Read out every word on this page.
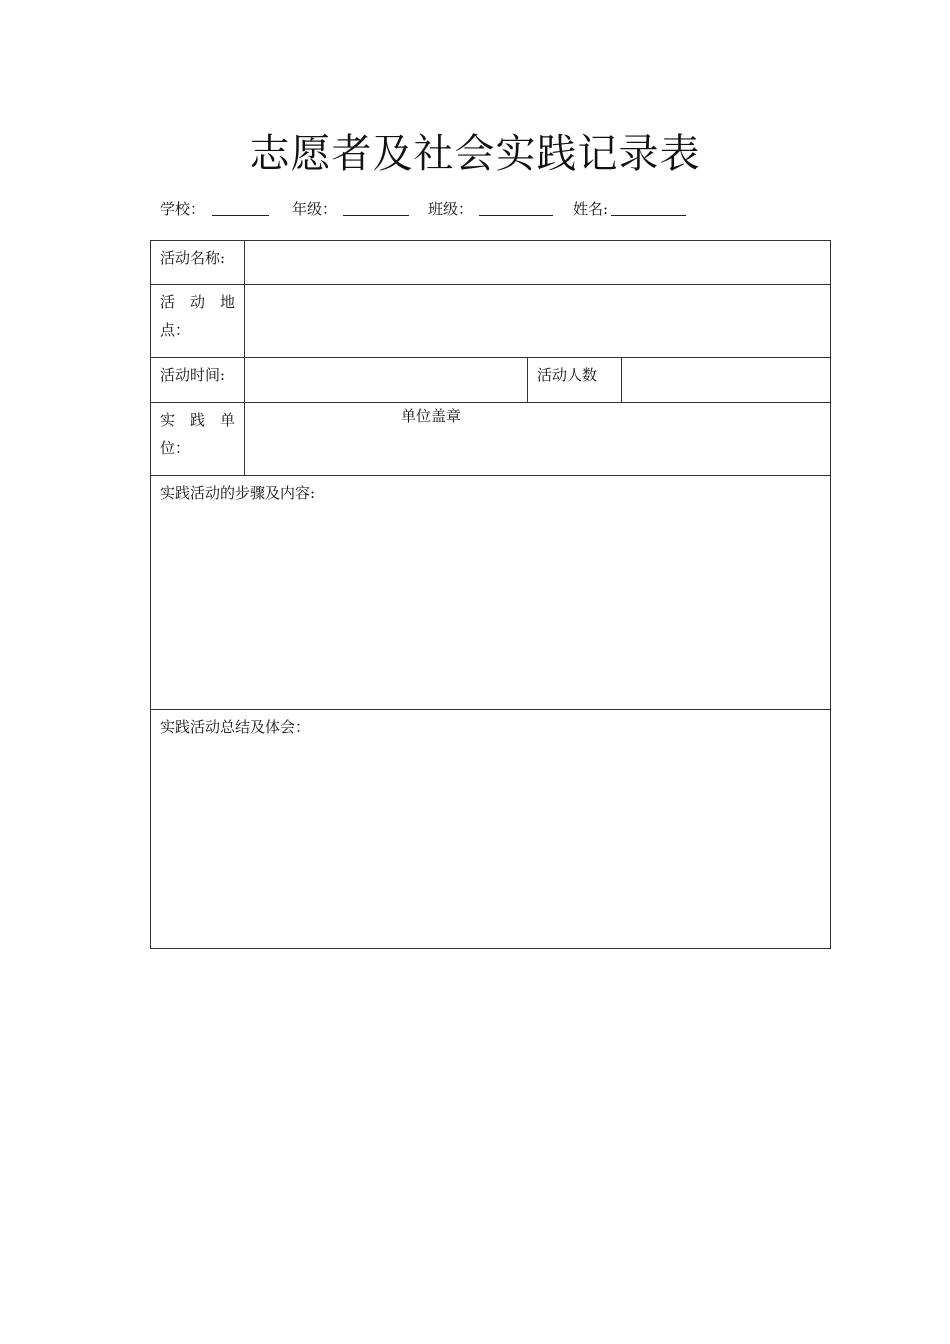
志愿者及社会实践记录表
学校：	年级：	班级：	姓名:
活动名称:			

活  动  地  点：			

活动时间:		活动人数	

实  践  单  位：	单位盖章		

实践活动的步骤及内容:			

实践活动总结及体会：			
